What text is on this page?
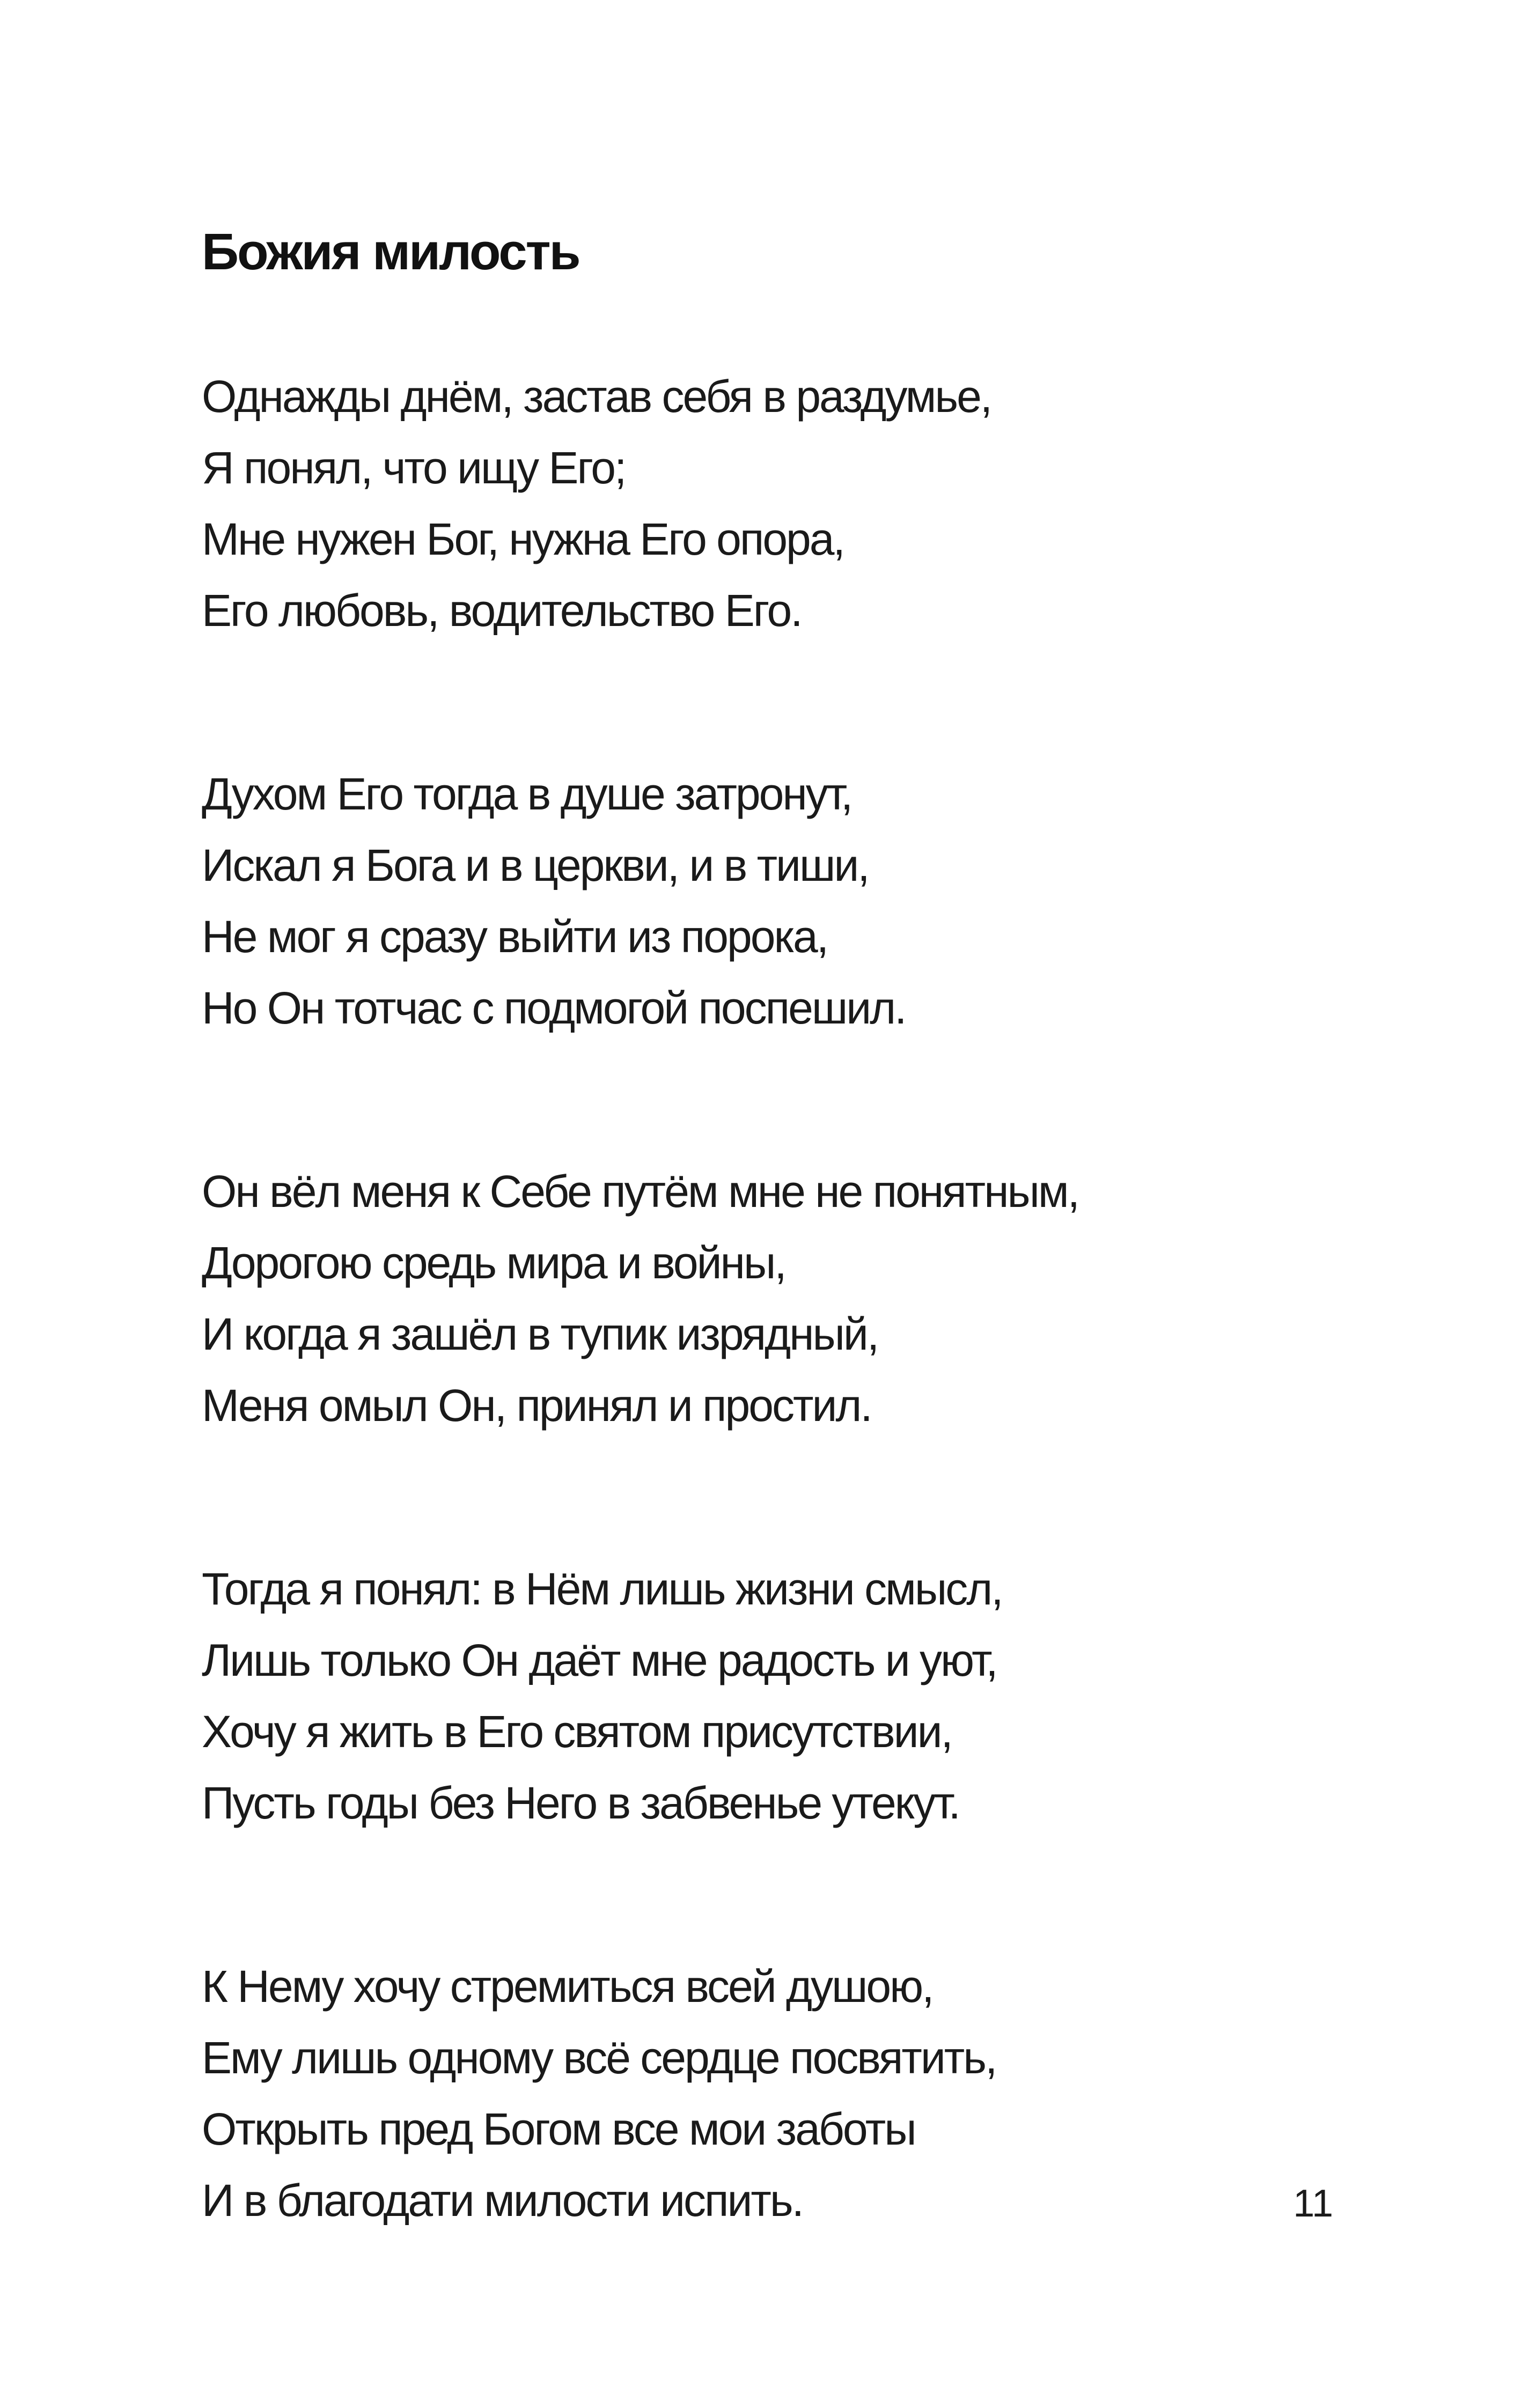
Божия милость
Однажды днём, застав себя в раздумье,
Я понял, что ищу Его;
Мне нужен Бог, нужна Его опора,
Его любовь, водительство Его.
Духом Его тогда в душе затронут,
Искал я Бога и в церкви, и в тиши,
Не мог я сразу выйти из порока,
Но Он тотчас с подмогой поспешил.
Он вёл меня к Себе путём мне не понятным,
Дорогою средь мира и войны,
И когда я зашёл в тупик изрядный,
Меня омыл Он, принял и простил.
Тогда я понял: в Нём лишь жизни смысл,
Лишь только Он даёт мне радость и уют,
Хочу я жить в Его святом присутствии,
Пусть годы без Него в забвенье утекут.
К Нему хочу стремиться всей душою,
Ему лишь одному всё сердце посвятить,
Открыть пред Богом все мои заботы
И в благодати милости испить.	11
